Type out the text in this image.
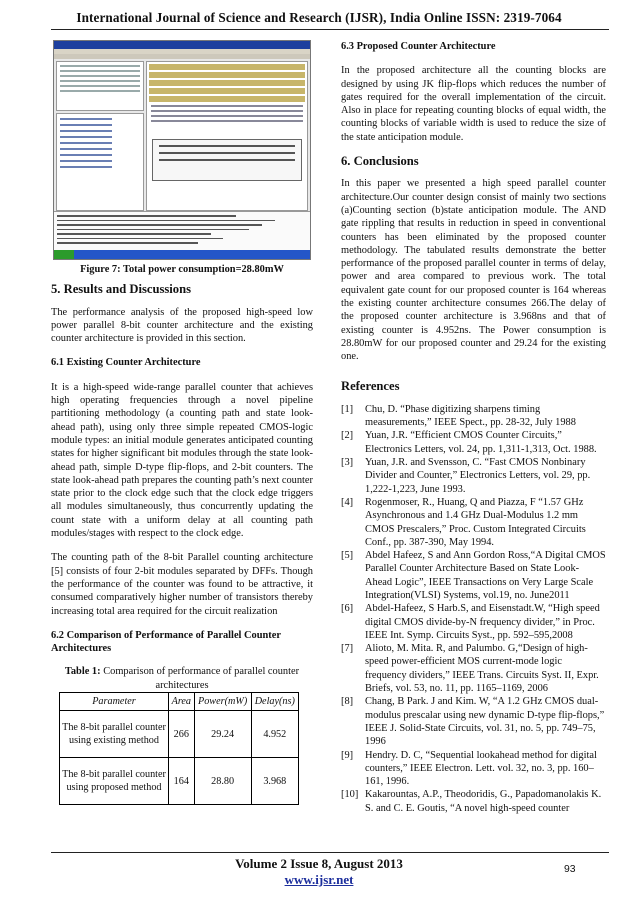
International Journal of Science and Research (IJSR), India Online ISSN: 2319-7064

Figure 7: Total power consumption=28.80mW

5. Results and Discussions

The performance analysis of the proposed high-speed low power parallel 8-bit counter architecture and the existing counter architecture is provided in this section.

6.1 Existing Counter Architecture

It is a high-speed wide-range parallel counter that achieves high operating frequencies through a novel pipeline partitioning methodology (a counting path and state look-ahead path), using only three simple repeated CMOS-logic module types: an initial module generates anticipated counting states for higher significant bit modules through the state look-ahead path, simple D-type flip-flops, and 2-bit counters. The state look-ahead path prepares the counting path’s next counter state prior to the clock edge such that the clock edge triggers all modules simultaneously, thus concurrently updating the count state with a uniform delay at all counting path modules/stages with respect to the clock edge.

The counting path of the 8-bit Parallel counting architecture [5] consists of four 2-bit modules separated by DFFs. Though the performance of the counter was found to be attractive, it consumed comparatively higher number of transistors thereby increasing total area required for the circuit realization

6.2 Comparison of Performance of Parallel Counter Architectures

Table 1: Comparison of performance of parallel counter architectures

Parameter	Area	Power(mW)	Delay(ns)
The 8-bit parallel counter using existing method	266	29.24	4.952
The 8-bit parallel counter using proposed method	164	28.80	3.968

6.3 Proposed Counter Architecture

In the proposed architecture all the counting blocks are designed by using JK flip-flops which reduces the number of gates required for the overall implementation of the circuit. Also in place for repeating counting blocks of equal width, the counting blocks of variable width is used to reduce the size of the state anticipation module.

6. Conclusions

In this paper we presented a high speed parallel counter architecture.Our counter design consist of mainly two sections (a)Counting section (b)state anticipation module. The AND gate rippling that results in reduction in speed in conventional counters has been eliminated by the proposed counter methodology. The tabulated results demonstrate the better performance of the proposed parallel counter in terms of delay, power and area compared to previous work. The total equivalent gate count for our proposed counter is 164 whereas the existing counter architecture consumes 266.The delay of the proposed counter architecture is 3.968ns and that of existing counter is 4.952ns. The Power consumption is 28.80mW for our proposed counter and 29.24 for the existing one.

References

[1]	Chu, D. “Phase digitizing sharpens timing measurements,” IEEE Spect., pp. 28-32, July 1988
[2]	Yuan, J.R. “Efficient CMOS Counter Circuits,” Electronics Letters, vol. 24, pp. 1,311-1,313, Oct. 1988.
[3]	Yuan, J.R. and Svensson, C. “Fast CMOS Nonbinary Divider and Counter,” Electronics Letters, vol. 29, pp. 1,222-1,223, June 1993.
[4]	Rogenmoser, R., Huang, Q and Piazza, F “1.57 GHz Asynchronous and 1.4 GHz Dual-Modulus 1.2 mm CMOS Prescalers,” Proc. Custom Integrated Circuits Conf., pp. 387-390, May 1994.
[5]	Abdel Hafeez, S and Ann Gordon Ross,“A Digital CMOS Parallel Counter Architecture Based on State Look-Ahead Logic”, IEEE Transactions on Very Large Scale Integration(VLSI) Systems, vol.19, no. June2011
[6]	Abdel-Hafeez, S Harb.S, and Eisenstadt.W, “High speed digital CMOS divide-by-N frequency divider,” in Proc. IEEE Int. Symp. Circuits Syst., pp. 592–595,2008
[7]	Alioto, M. Mita. R, and Palumbo. G,“Design of high-speed power-efficient MOS current-mode logic frequency dividers,” IEEE Trans. Circuits Syst. II, Expr. Briefs, vol. 53, no. 11, pp. 1165–1169, 2006
[8]	Chang, B Park. J and Kim. W, “A 1.2 GHz CMOS dual-modulus prescalar using new dynamic D-type flip-flops,” IEEE J. Solid-State Circuits, vol. 31, no. 5, pp. 749–75, 1996
[9]	Hendry. D. C, “Sequential lookahead method for digital counters,” IEEE Electron. Lett. vol. 32, no. 3, pp. 160–161, 1996.
[10] Kakarountas, A.P., Theodoridis, G., Papadomanolakis K. S. and C. E. Goutis, “A novel high-speed counter
Volume 2 Issue 8, August 2013
www.ijsr.net
93
